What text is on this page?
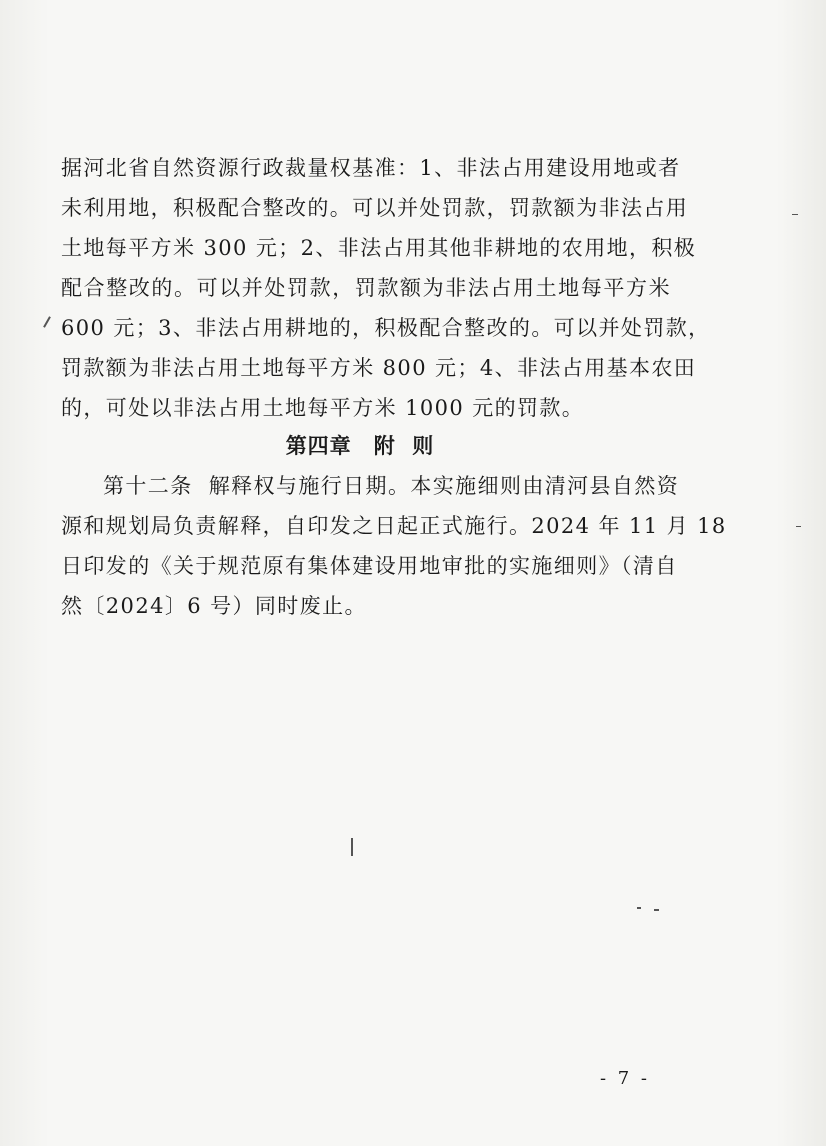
据河北省自然资源行政裁量权基准：1、非法占用建设用地或者
未利用地，积极配合整改的。可以并处罚款，罚款额为非法占用
土地每平方米 300 元；2、非法占用其他非耕地的农用地，积极
配合整改的。可以并处罚款，罚款额为非法占用土地每平方米
600 元；3、非法占用耕地的，积极配合整改的。可以并处罚款，
罚款额为非法占用土地每平方米 800 元；4、非法占用基本农田
的，可处以非法占用土地每平方米 1000 元的罚款。
第四章 附  则
第十二条  解释权与施行日期。本实施细则由清河县自然资
源和规划局负责解释，自印发之日起正式施行。2024 年 11 月 18
日印发的《关于规范原有集体建设用地审批的实施细则》（清自
然〔2024〕6 号）同时废止。

- 7 -
